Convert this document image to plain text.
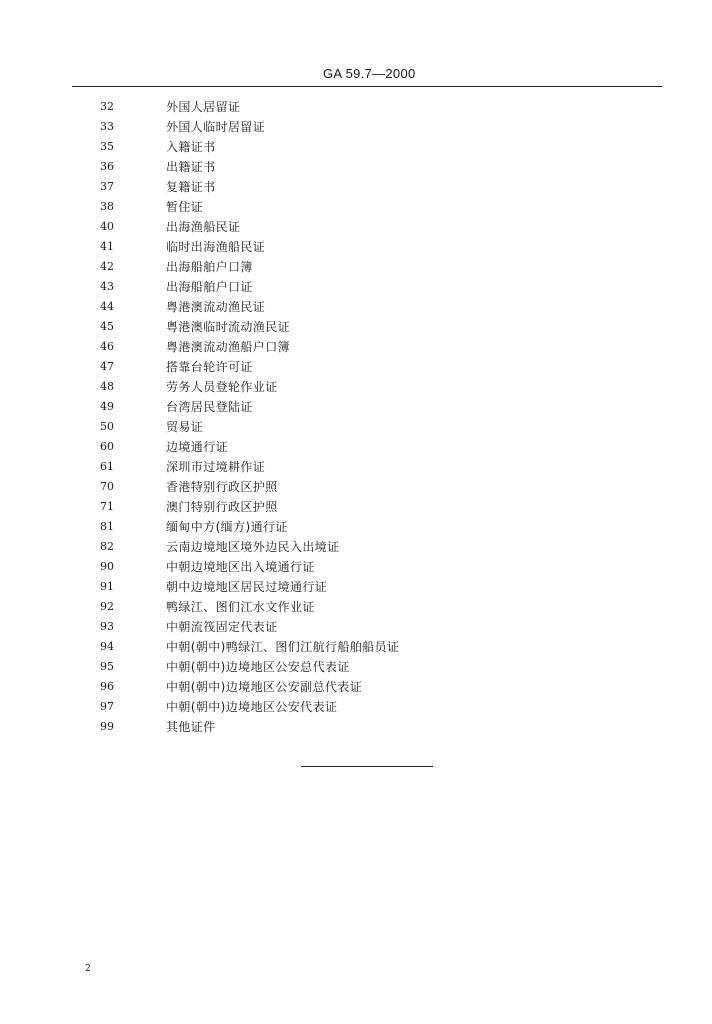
GA 59.7—2000
32	外国人居留证
33	外国人临时居留证
35	入籍证书
36	出籍证书
37	复籍证书
38	暂住证
40	出海渔船民证
41	临时出海渔船民证
42	出海船舶户口簿
43	出海船舶户口证
44	粤港澳流动渔民证
45	粤港澳临时流动渔民证
46	粤港澳流动渔船户口簿
47	搭靠台轮许可证
48	劳务人员登轮作业证
49	台湾居民登陆证
50	贸易证
60	边境通行证
61	深圳市过境耕作证
70	香港特别行政区护照
71	澳门特别行政区护照
81	缅甸中方(缅方)通行证
82	云南边境地区境外边民入出境证
90	中朝边境地区出入境通行证
91	朝中边境地区居民过境通行证
92	鸭绿江、图们江水文作业证
93	中朝流筏固定代表证
94	中朝(朝中)鸭绿江、图们江航行船舶船员证
95	中朝(朝中)边境地区公安总代表证
96	中朝(朝中)边境地区公安副总代表证
97	中朝(朝中)边境地区公安代表证
99	其他证件
2
